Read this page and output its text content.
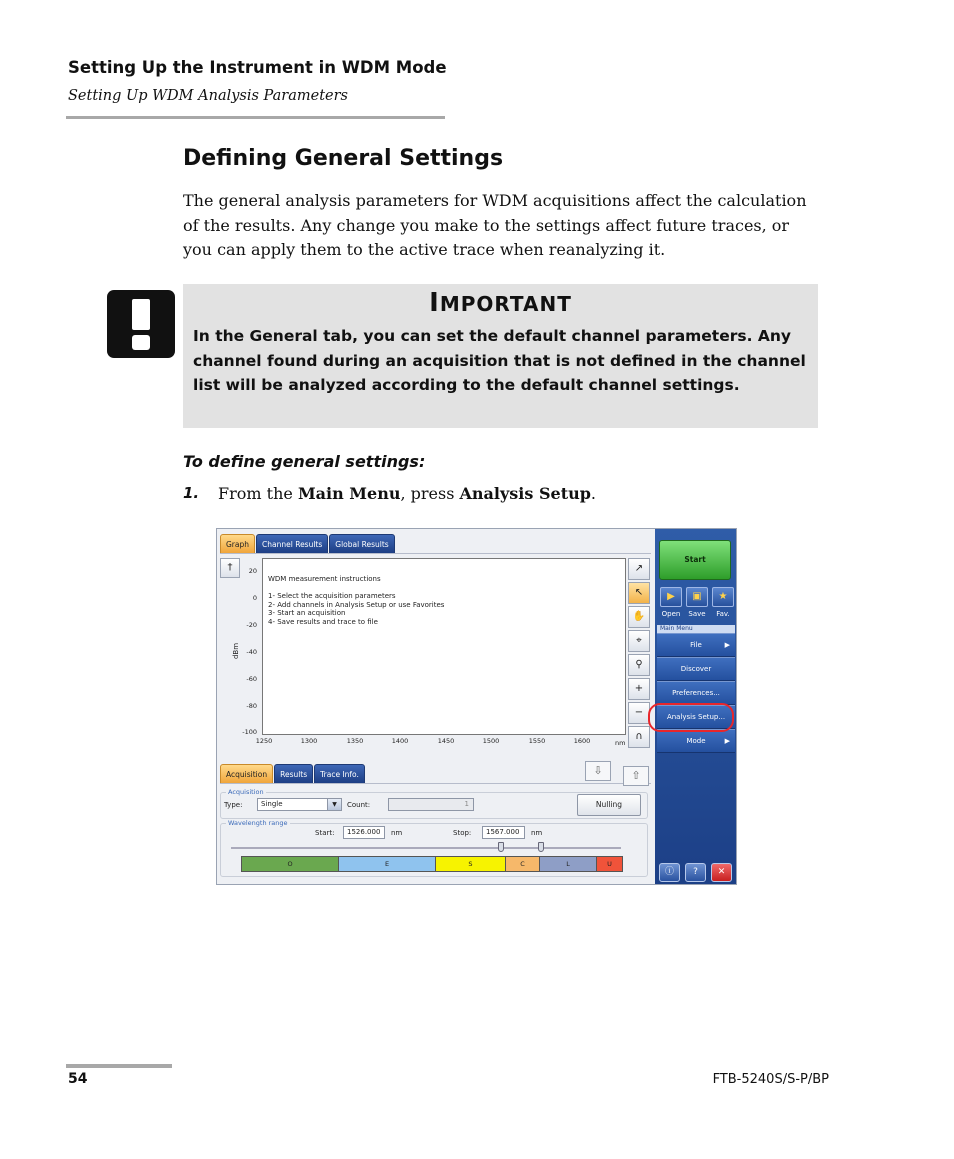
Setting Up the Instrument in WDM Mode
Setting Up WDM Analysis Parameters
Defining General Settings
The general analysis parameters for WDM acquisitions affect the calculation of the results. Any change you make to the settings affect future traces, or you can apply them to the active trace when reanalyzing it.
IMPORTANT
In the General tab, you can set the default channel parameters. Any channel found during an acquisition that is not defined in the channel list will be analyzed according to the default channel settings.
To define general settings:
1. From the Main Menu, press Analysis Setup.
Graph	Channel Results	Global Results
†
dBm
20
0
-20
-40
-60
-80
-100
WDM measurement instructions

1- Select the acquisition parameters
2- Add channels in Analysis Setup or use Favorites
3- Start an acquisition
4- Save results and trace to file
1250	1300	1350	1400	1450	1500	1550	1600	nm
↗
↖
✋
⌖
⚲
+
−
∩
Acquisition	Results	Trace Info.	⇩	⇧
Acquisition
Type:	Single	▼	Count:	1	Nulling
Wavelength range
Start:	1526.000	nm	Stop:	1567.000	nm
O	E	S	C	L	U
Start
▶	▣	★
Open	Save	Fav.
Main Menu
File	▶
Discover
Preferences...
Analysis Setup...
Mode	▶
ⓘ	?	✕
54	FTB-5240S/S-P/BP
